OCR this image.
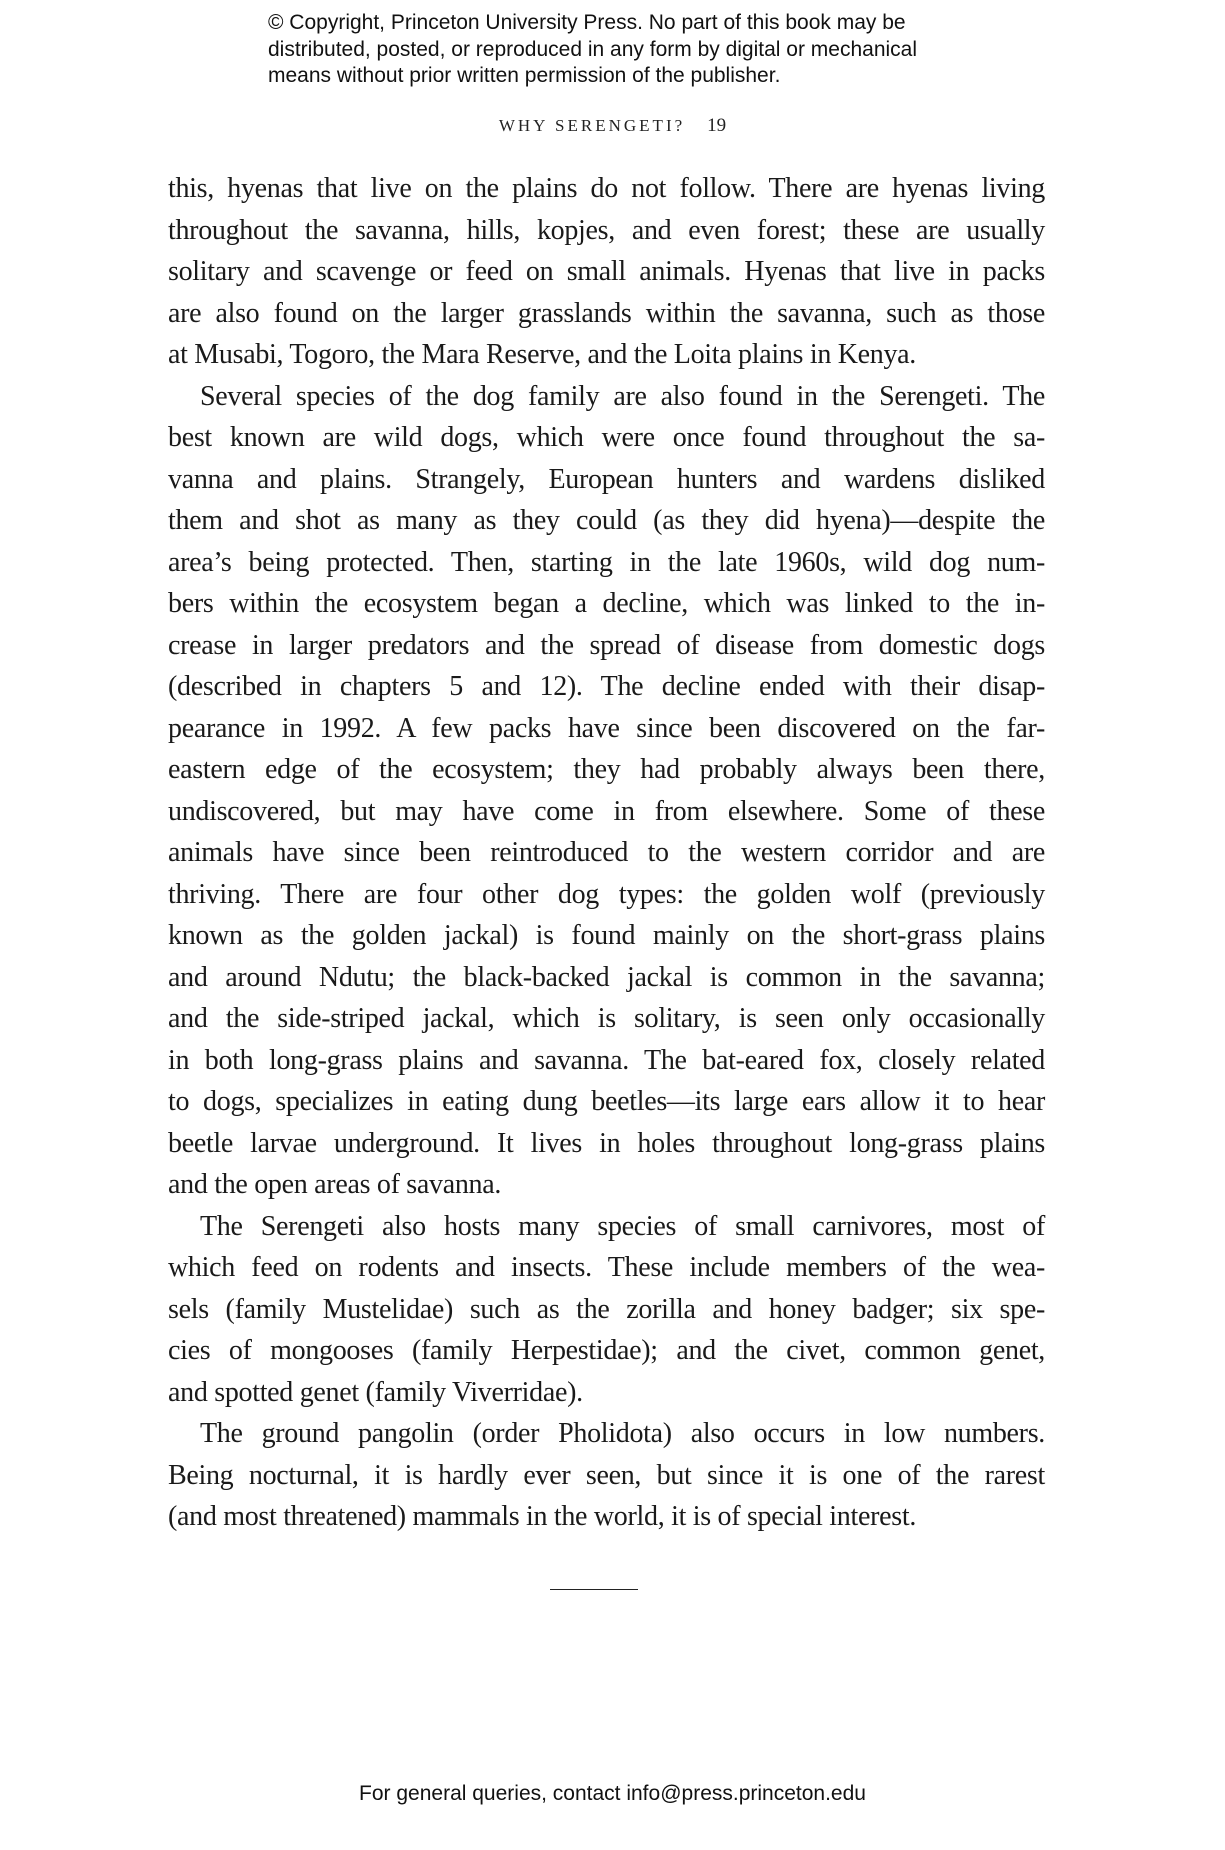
© Copyright, Princeton University Press. No part of this book may be
distributed, posted, or reproduced in any form by digital or mechanical
means without prior written permission of the publisher.
WHY SERENGETI? 19
this, hyenas that live on the plains do not follow. There are hyenas living
throughout the savanna, hills, kopjes, and even forest; these are usually
solitary and scavenge or feed on small animals. Hyenas that live in packs
are also found on the larger grasslands within the savanna, such as those
at Musabi, Togoro, the Mara Reserve, and the Loita plains in Kenya.
Several species of the dog family are also found in the Serengeti. The
best known are wild dogs, which were once found throughout the sa-
vanna and plains. Strangely, European hunters and wardens disliked
them and shot as many as they could (as they did hyena)—despite the
area’s being protected. Then, starting in the late 1960s, wild dog num-
bers within the ecosystem began a decline, which was linked to the in-
crease in larger predators and the spread of disease from domestic dogs
(described in chapters 5 and 12). The decline ended with their disap-
pearance in 1992. A few packs have since been discovered on the far-
eastern edge of the ecosystem; they had probably always been there,
undiscovered, but may have come in from elsewhere. Some of these
animals have since been reintroduced to the western corridor and are
thriving. There are four other dog types: the golden wolf (previously
known as the golden jackal) is found mainly on the short-grass plains
and around Ndutu; the black-backed jackal is common in the savanna;
and the side-striped jackal, which is solitary, is seen only occasionally
in both long-grass plains and savanna. The bat-eared fox, closely related
to dogs, specializes in eating dung beetles—its large ears allow it to hear
beetle larvae underground. It lives in holes throughout long-grass plains
and the open areas of savanna.
The Serengeti also hosts many species of small carnivores, most of
which feed on rodents and insects. These include members of the wea-
sels (family Mustelidae) such as the zorilla and honey badger; six spe-
cies of mongooses (family Herpestidae); and the civet, common genet,
and spotted genet (family Viverridae).
The ground pangolin (order Pholidota) also occurs in low numbers.
Being nocturnal, it is hardly ever seen, but since it is one of the rarest
(and most threatened) mammals in the world, it is of special interest.
For general queries, contact info@press.princeton.edu
